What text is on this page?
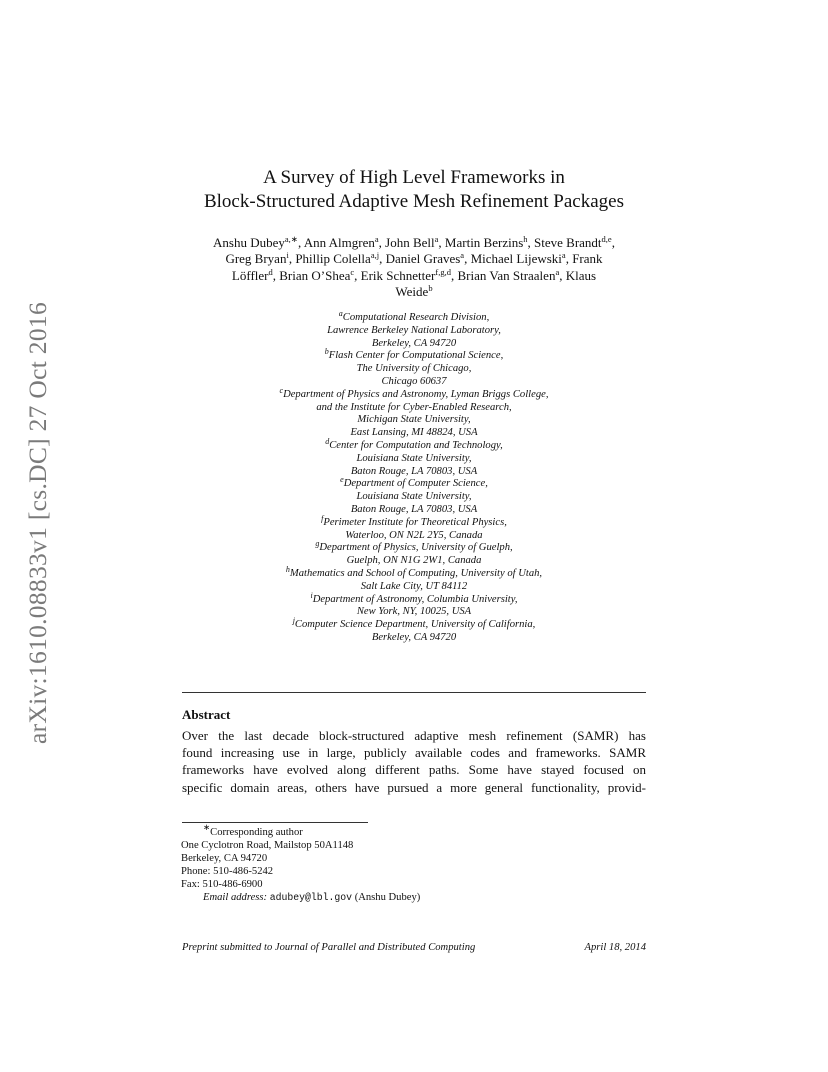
arXiv:1610.08833v1 [cs.DC] 27 Oct 2016
A Survey of High Level Frameworks in
Block-Structured Adaptive Mesh Refinement Packages
Anshu Dubey$^{a,∗}$, Ann Almgren$^a$, John Bell$^a$, Martin Berzins$^h$, Steve Brandt$^{d,e}$,
Greg Bryan$^i$, Phillip Colella$^{a,j}$, Daniel Graves$^a$, Michael Lijewski$^a$, Frank
Löffler$^d$, Brian O’Shea$^c$, Erik Schnetter$^{f,g,d}$, Brian Van Straalen$^a$, Klaus
Weide$^b$
$^a$Computational Research Division,
Lawrence Berkeley National Laboratory,
Berkeley, CA 94720
$^b$Flash Center for Computational Science,
The University of Chicago,
Chicago 60637
$^c$Department of Physics and Astronomy, Lyman Briggs College,
and the Institute for Cyber-Enabled Research,
Michigan State University,
East Lansing, MI 48824, USA
$^d$Center for Computation and Technology,
Louisiana State University,
Baton Rouge, LA 70803, USA
$^e$Department of Computer Science,
Louisiana State University,
Baton Rouge, LA 70803, USA
$^f$Perimeter Institute for Theoretical Physics,
Waterloo, ON N2L 2Y5, Canada
$^g$Department of Physics, University of Guelph,
Guelph, ON N1G 2W1, Canada
$^h$Mathematics and School of Computing, University of Utah,
Salt Lake City, UT 84112
$^i$Department of Astronomy, Columbia University,
New York, NY, 10025, USA
$^j$Computer Science Department, University of California,
Berkeley, CA 94720
Abstract
Over the last decade block-structured adaptive mesh refinement (SAMR) has
found increasing use in large, publicly available codes and frameworks. SAMR
frameworks have evolved along different paths. Some have stayed focused on
specific domain areas, others have pursued a more general functionality, provid-
∗Corresponding author
One Cyclotron Road, Mailstop 50A1148
Berkeley, CA 94720
Phone: 510-486-5242
Fax: 510-486-6900
Email address: adubey@lbl.gov (Anshu Dubey)
Preprint submitted to Journal of Parallel and Distributed Computing	April 18, 2014
